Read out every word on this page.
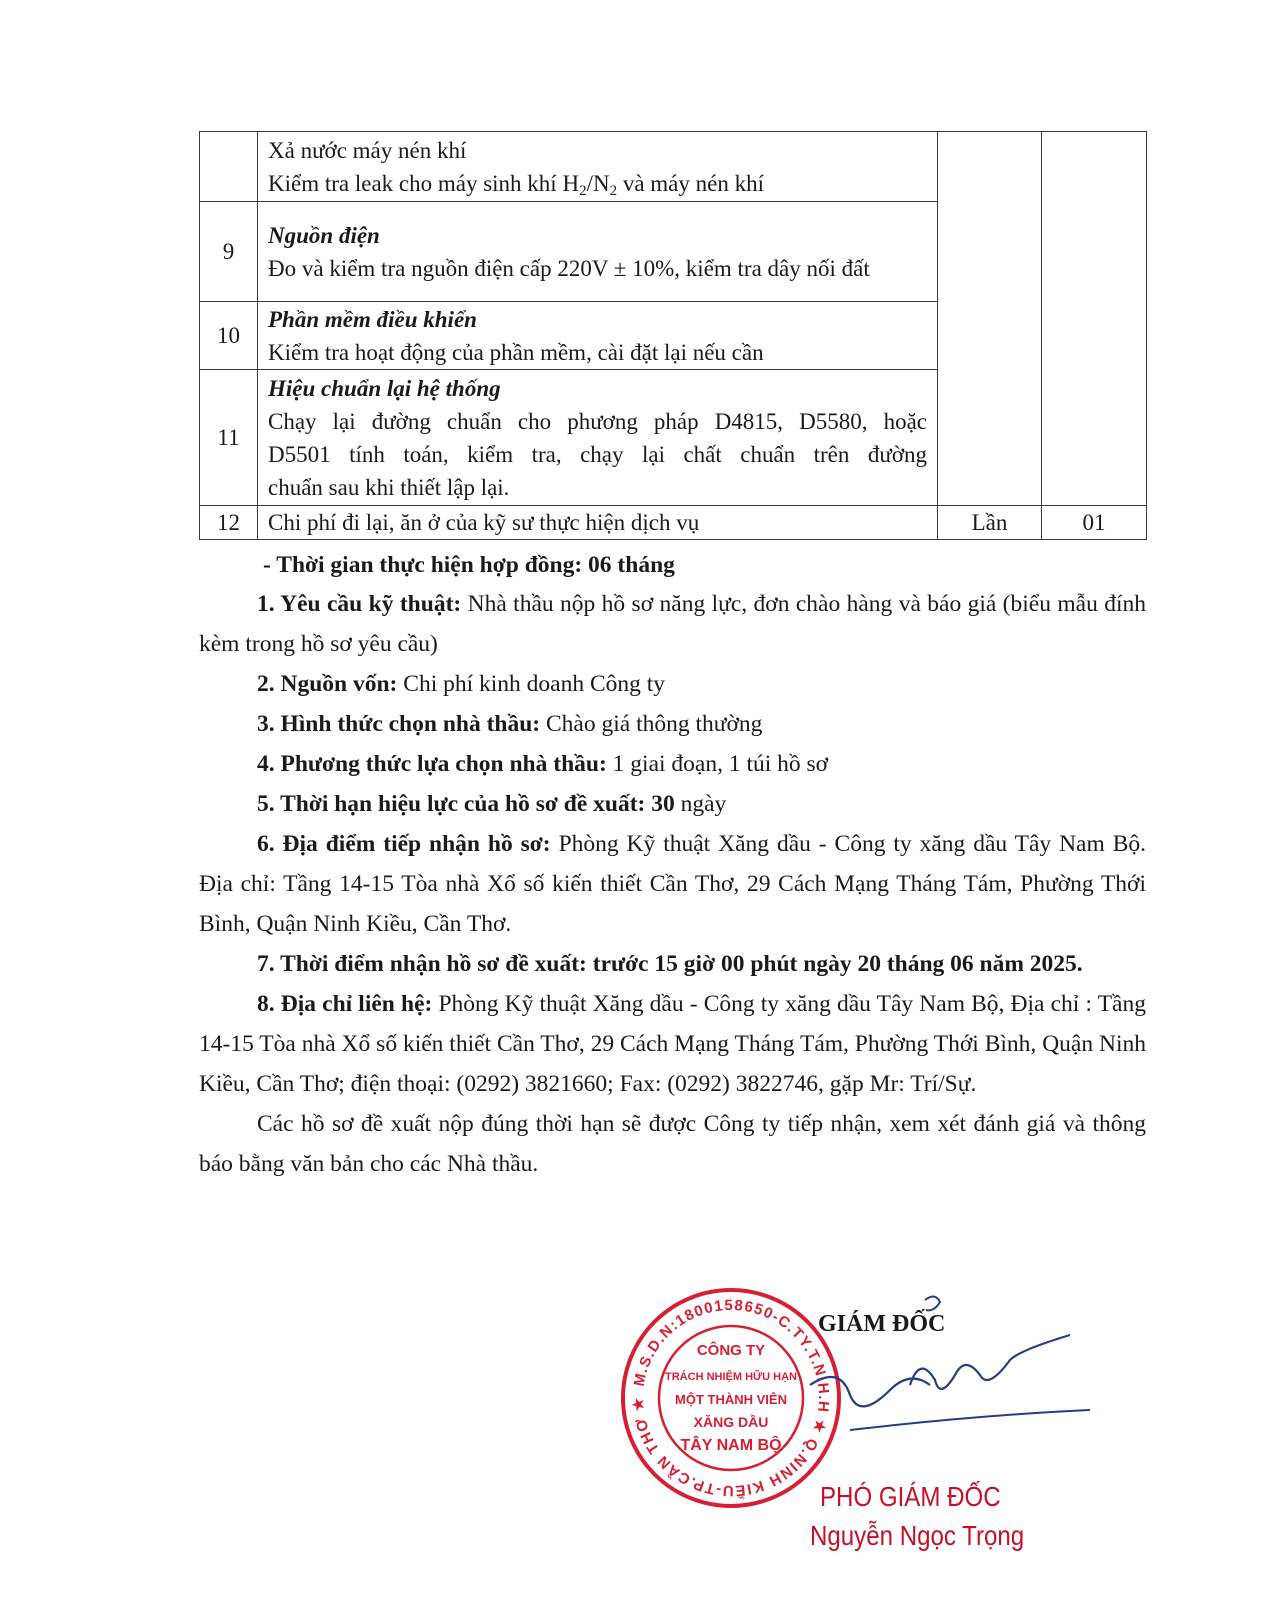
	Xả nước máy nén khí
Kiểm tra leak cho máy sinh khí $H_2/N_2$ và máy nén khí		

9	Nguồn điện
Đo và kiểm tra nguồn điện cấp 220V ± 10%, kiểm tra dây nối đất		

10	Phần mềm điều khiển
Kiểm tra hoạt động của phần mềm, cài đặt lại nếu cần		

11	Hiệu chuẩn lại hệ thống
Chạy lại đường chuẩn cho phương pháp D4815, D5580, hoặc
D5501 tính toán, kiểm tra, chạy lại chất chuẩn trên đường
chuẩn sau khi thiết lập lại.		

12	Chi phí đi lại, ăn ở của kỹ sư thực hiện dịch vụ	Lần	01

- Thời gian thực hiện hợp đồng: 06 tháng

1. Yêu cầu kỹ thuật: Nhà thầu nộp hồ sơ năng lực, đơn chào hàng và báo giá (biểu mẫu đính kèm trong hồ sơ yêu cầu)

2. Nguồn vốn: Chi phí kinh doanh Công ty

3. Hình thức chọn nhà thầu: Chào giá thông thường

4. Phương thức lựa chọn nhà thầu: 1 giai đoạn, 1 túi hồ sơ

5. Thời hạn hiệu lực của hồ sơ đề xuất: 30 ngày

6. Địa điểm tiếp nhận hồ sơ: Phòng Kỹ thuật Xăng dầu - Công ty xăng dầu Tây Nam Bộ. Địa chỉ: Tầng 14-15 Tòa nhà Xổ số kiến thiết Cần Thơ, 29 Cách Mạng Tháng Tám, Phường Thới Bình, Quận Ninh Kiều, Cần Thơ.

7. Thời điểm nhận hồ sơ đề xuất: trước 15 giờ 00 phút ngày 20 tháng 06 năm 2025.

8. Địa chỉ liên hệ: Phòng Kỹ thuật Xăng dầu - Công ty xăng dầu Tây Nam Bộ, Địa chỉ : Tầng 14-15 Tòa nhà Xổ số kiến thiết Cần Thơ, 29 Cách Mạng Tháng Tám, Phường Thới Bình, Quận Ninh Kiều, Cần Thơ; điện thoại: (0292) 3821660; Fax: (0292) 3822746, gặp Mr: Trí/Sự.

Các hồ sơ đề xuất nộp đúng thời hạn sẽ được Công ty tiếp nhận, xem xét đánh giá và thông báo bằng văn bản cho các Nhà thầu.

M.S.D.N:1800158650-C.TY.T.N.H.H ★ Q.NINH KIỀU-TP.CẦN THƠ ★
CÔNG TY
TRÁCH NHIỆM HỮU HẠN
MỘT THÀNH VIÊN
XĂNG DẦU
TÂY NAM BỘ
GIÁM ĐỐC
PHÓ GIÁM ĐỐC
Nguyễn Ngọc Trọng
